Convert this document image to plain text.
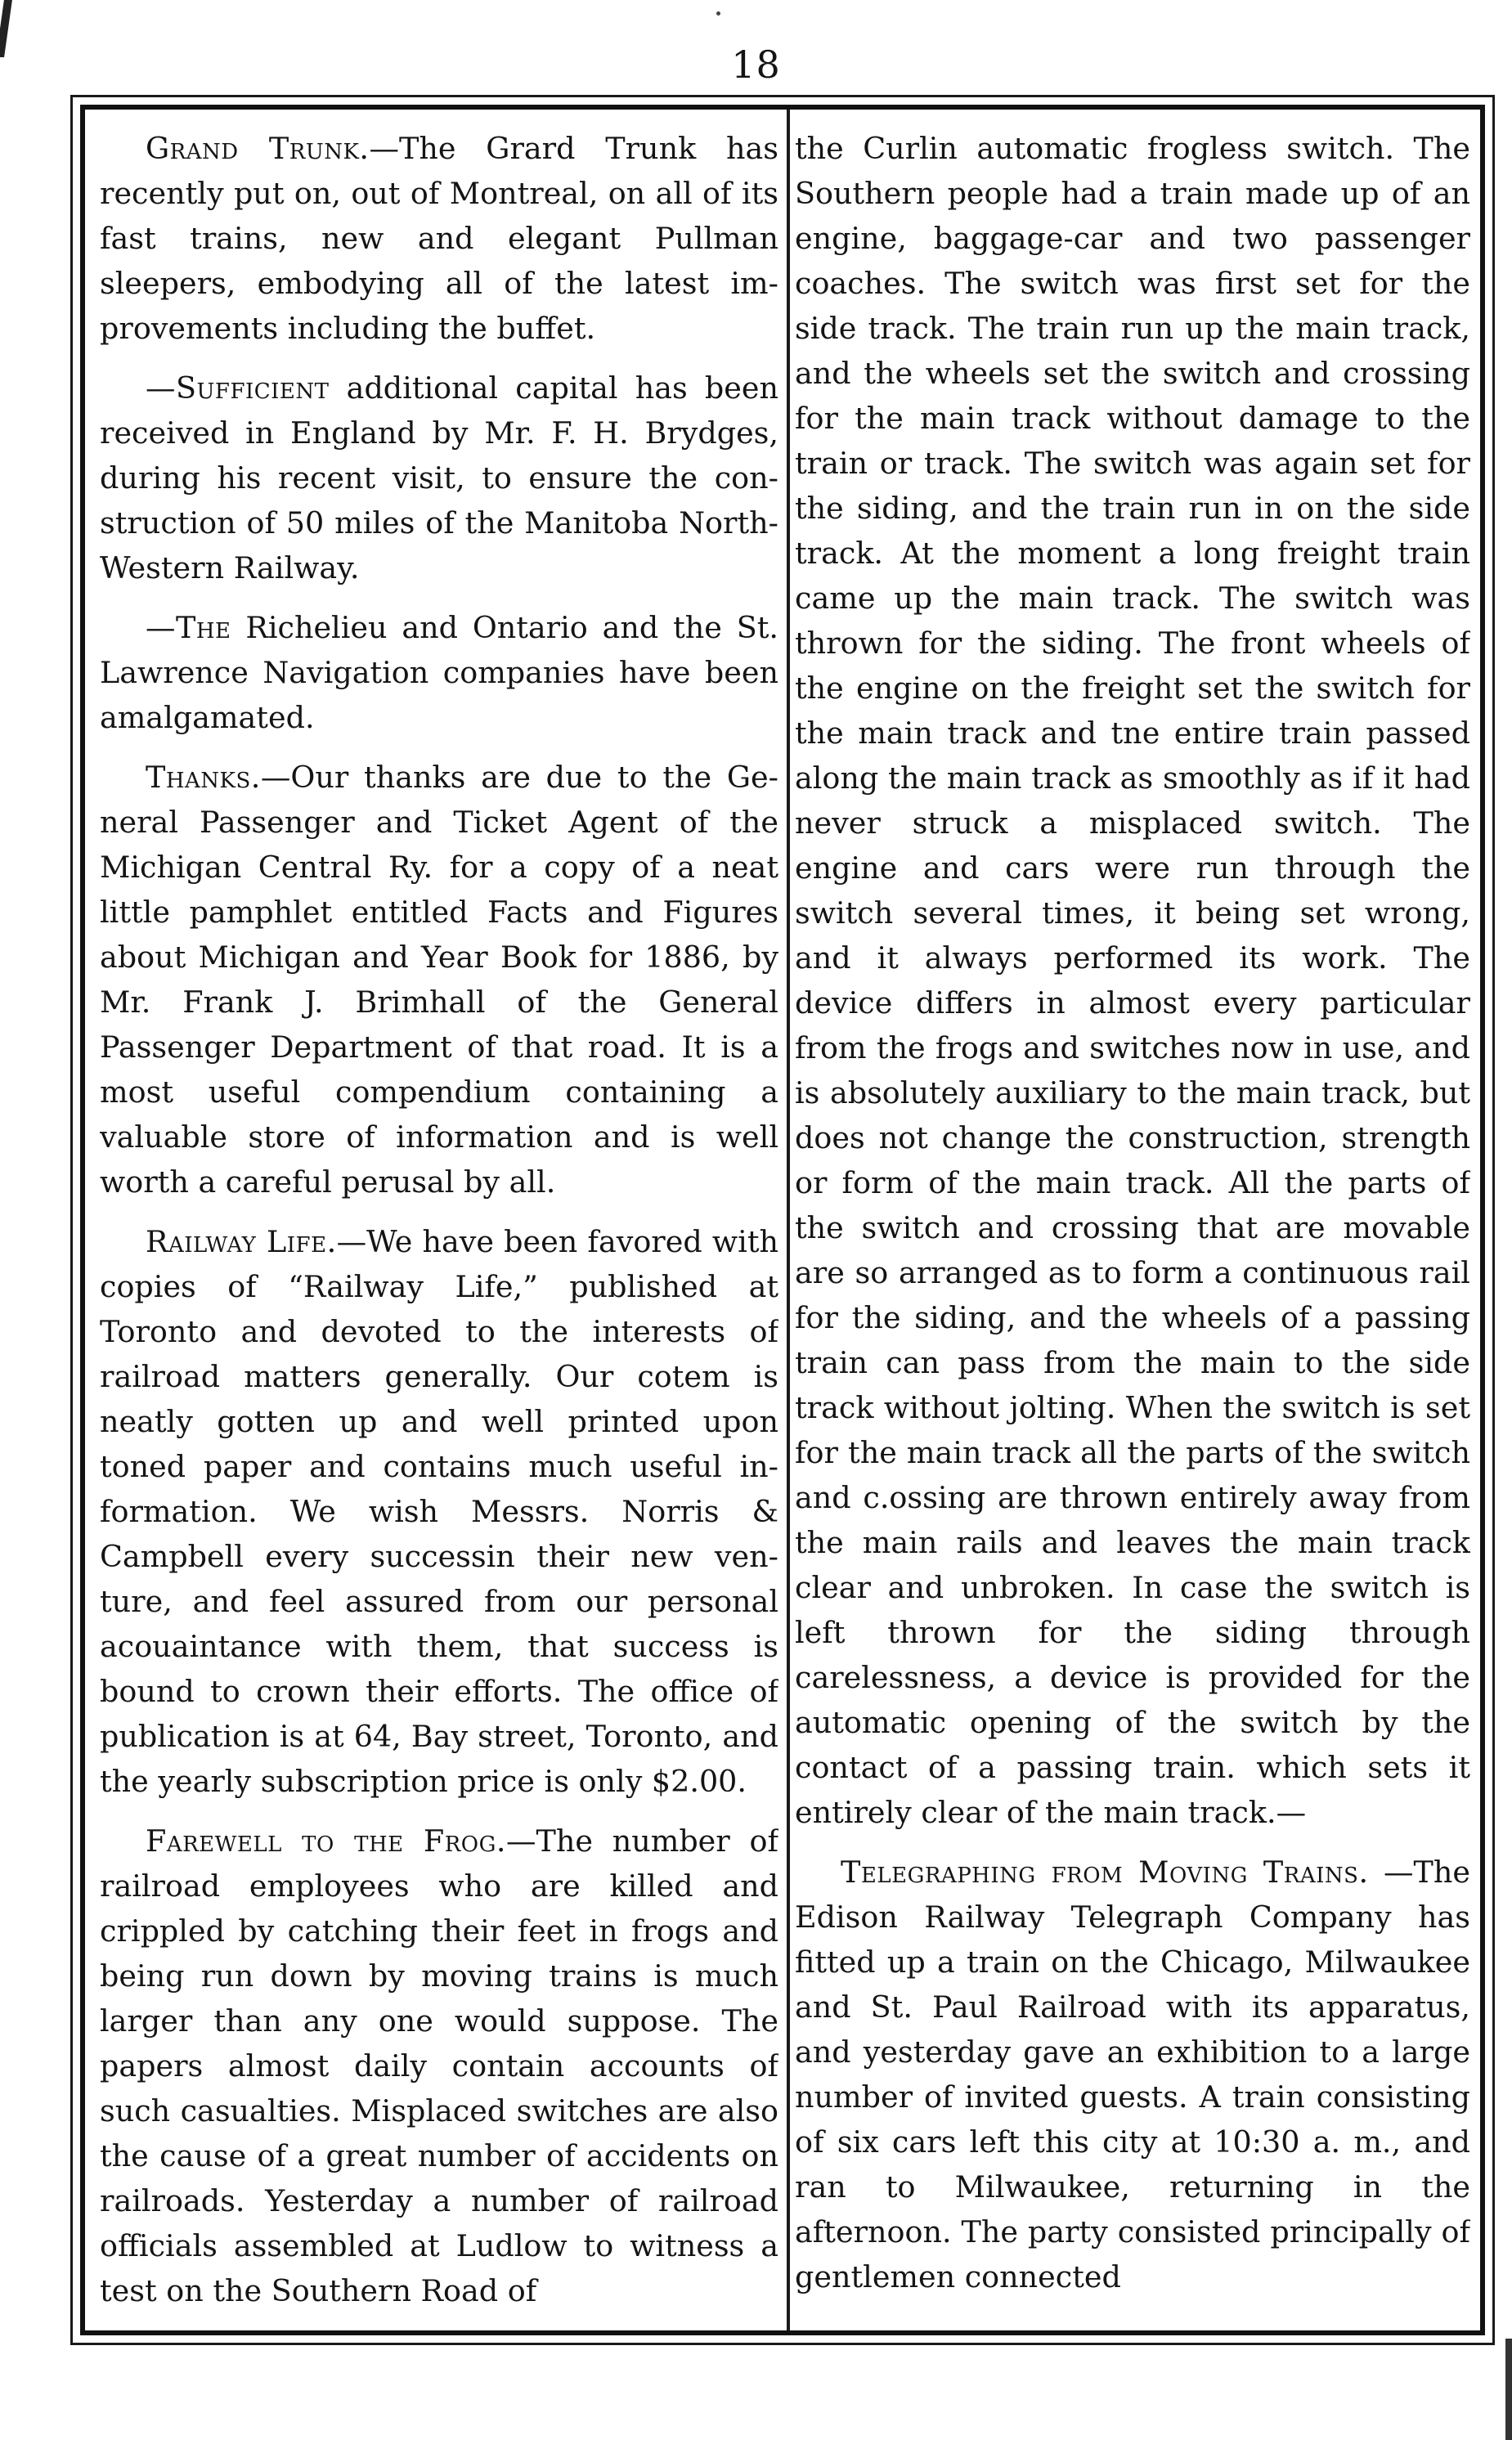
18

Grand Trunk.—The Grard Trunk has recently put on, out of Montreal, on all of its fast trains, new and elegant Pullman sleepers, embodying all of the latest improvements including the buffet.

—Sufficient additional capital has been received in England by Mr. F. H. Brydges, during his recent visit, to ensure the construction of 50 miles of the Manitoba North-Western Railway.

—The Richelieu and Ontario and the St. Lawrence Navigation companies have been amalgamated.

Thanks.—Our thanks are due to the General Passenger and Ticket Agent of the Michigan Central Ry. for a copy of a neat little pamphlet entitled Facts and Figures about Michigan and Year Book for 1886, by Mr. Frank J. Brimhall of the General Passenger Department of that road. It is a most useful compendium containing a valuable store of information and is well worth a careful perusal by all.

Railway Life.—We have been favored with copies of “Railway Life,” published at Toronto and devoted to the interests of railroad matters generally. Our cotem is neatly gotten up and well printed upon toned paper and contains much useful information. We wish Messrs. Norris & Campbell every successin their new venture, and feel assured from our personal acouaintance with them, that success is bound to crown their efforts. The office of publication is at 64, Bay street, Toronto, and the yearly subscription price is only $2.00.

Farewell to the Frog.—The number of railroad employees who are killed and crippled by catching their feet in frogs and being run down by moving trains is much larger than any one would suppose. The papers almost daily contain accounts of such casualties. Misplaced switches are also the cause of a great number of accidents on railroads. Yesterday a number of railroad officials assembled at Ludlow to witness a test on the Southern Road of

the Curlin automatic frogless switch. The Southern people had a train made up of an engine, baggage-car and two passenger coaches. The switch was first set for the side track. The train run up the main track, and the wheels set the switch and crossing for the main track without damage to the train or track. The switch was again set for the siding, and the train run in on the side track. At the moment a long freight train came up the main track. The switch was thrown for the siding. The front wheels of the engine on the freight set the switch for the main track and tne entire train passed along the main track as smoothly as if it had never struck a misplaced switch. The engine and cars were run through the switch several times, it being set wrong, and it always performed its work. The device differs in almost every particular from the frogs and switches now in use, and is absolutely auxiliary to the main track, but does not change the construction, strength or form of the main track. All the parts of the switch and crossing that are movable are so arranged as to form a continuous rail for the siding, and the wheels of a passing train can pass from the main to the side track without jolting. When the switch is set for the main track all the parts of the switch and c.ossing are thrown entirely away from the main rails and leaves the main track clear and unbroken. In case the switch is left thrown for the siding through carelessness, a device is provided for the automatic opening of the switch by the contact of a passing train. which sets it entirely clear of the main track.—

Telegraphing from Moving Trains. —The Edison Railway Telegraph Company has fitted up a train on the Chicago, Milwaukee and St. Paul Railroad with its apparatus, and yesterday gave an exhibition to a large number of invited guests. A train consisting of six cars left this city at 10:30 a. m., and ran to Milwaukee, returning in the afternoon. The party consisted principally of gentlemen connected
